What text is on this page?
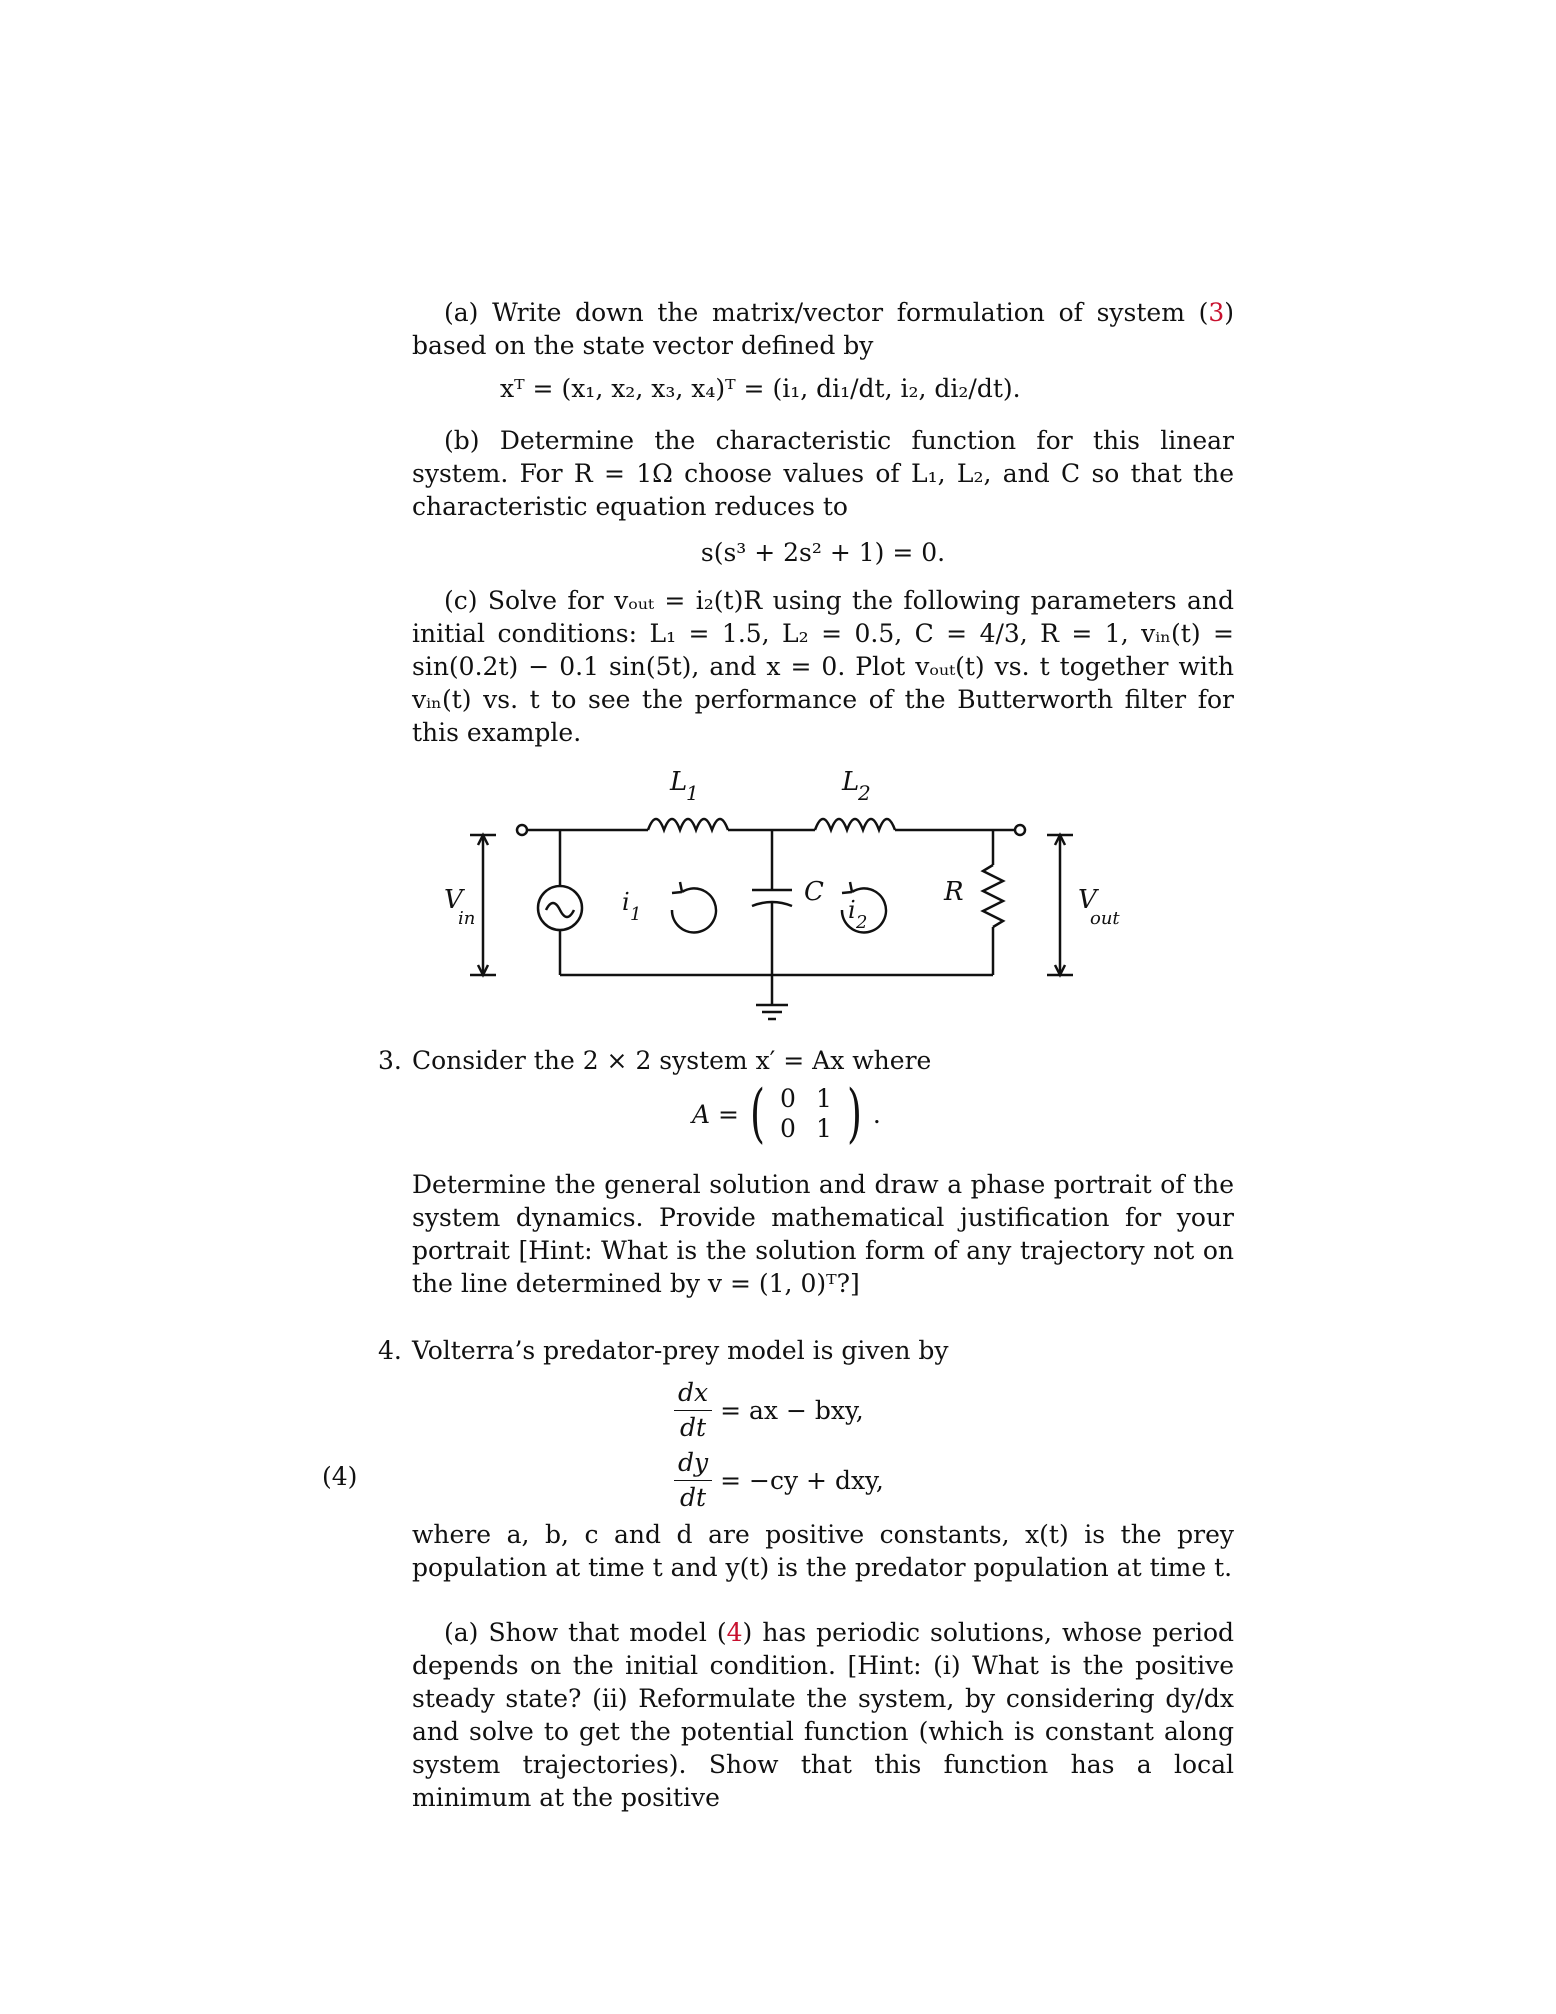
(a) Write down the matrix/vector formulation of system (3) based on the state vector defined by

xᵀ = (x₁, x₂, x₃, x₄)ᵀ = (i₁, di₁/dt, i₂, di₂/dt).

(b) Determine the characteristic function for this linear system. For R = 1Ω choose values of L₁, L₂, and C so that the characteristic equation reduces to

s(s³ + 2s² + 1) = 0.

(c) Solve for vₒᵤₜ = i₂(t)R using the following parameters and initial conditions: L₁ = 1.5, L₂ = 0.5, C = 4/3, R = 1, vᵢₙ(t) = sin(0.2t) − 0.1 sin(5t), and x = 0. Plot vₒᵤₜ(t) vs. t together with vᵢₙ(t) vs. t to see the performance of the Butterworth filter for this example.

L
1	L
2
C	R
i 1	i 2
V
in
V
out
3. Consider the 2 × 2 system x′ = Ax where

A = ( 0 1
0 1 ) .

Determine the general solution and draw a phase portrait of the system dynamics. Provide mathematical justification for your portrait [Hint: What is the solution form of any trajectory not on the line determined by v = (1, 0)ᵀ?]

4. Volterra’s predator-prey model is given by

$\frac{dx}{dt}$ = ax − bxy,
$\frac{dy}{dt} = -cy$ + dxy,
(4)

where a, b, c and d are positive constants, x(t) is the prey population at time t and y(t) is the predator population at time t.

(a) Show that model (4) has periodic solutions, whose period depends on the initial condition. [Hint: (i) What is the positive steady state? (ii) Reformulate the system, by considering dy/dx and solve to get the potential function (which is constant along system trajectories). Show that this function has a local minimum at the positive
